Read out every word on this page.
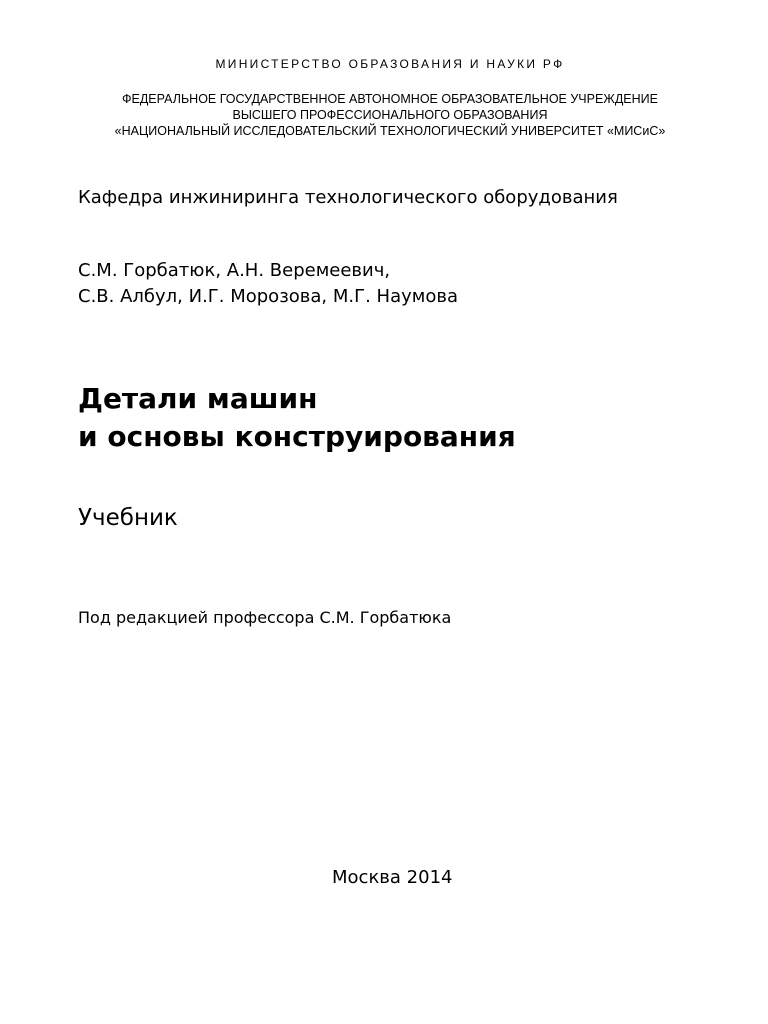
МИНИСТЕРСТВО ОБРАЗОВАНИЯ И НАУКИ РФ

ФЕДЕРАЛЬНОЕ ГОСУДАРСТВЕННОЕ АВТОНОМНОЕ ОБРАЗОВАТЕЛЬНОЕ УЧРЕЖДЕНИЕ

ВЫСШЕГО ПРОФЕССИОНАЛЬНОГО ОБРАЗОВАНИЯ

«НАЦИОНАЛЬНЫЙ ИССЛЕДОВАТЕЛЬСКИЙ ТЕХНОЛОГИЧЕСКИЙ УНИВЕРСИТЕТ «МИСиС»

Кафедра инжиниринга технологического оборудования

С.М. Горбатюк, А.Н. Веремеевич,

С.В. Албул, И.Г. Морозова, М.Г. Наумова

Детали машин
и основы конструирования

Учебник

Под редакцией профессора С.М. Горбатюка

Москва 2014
